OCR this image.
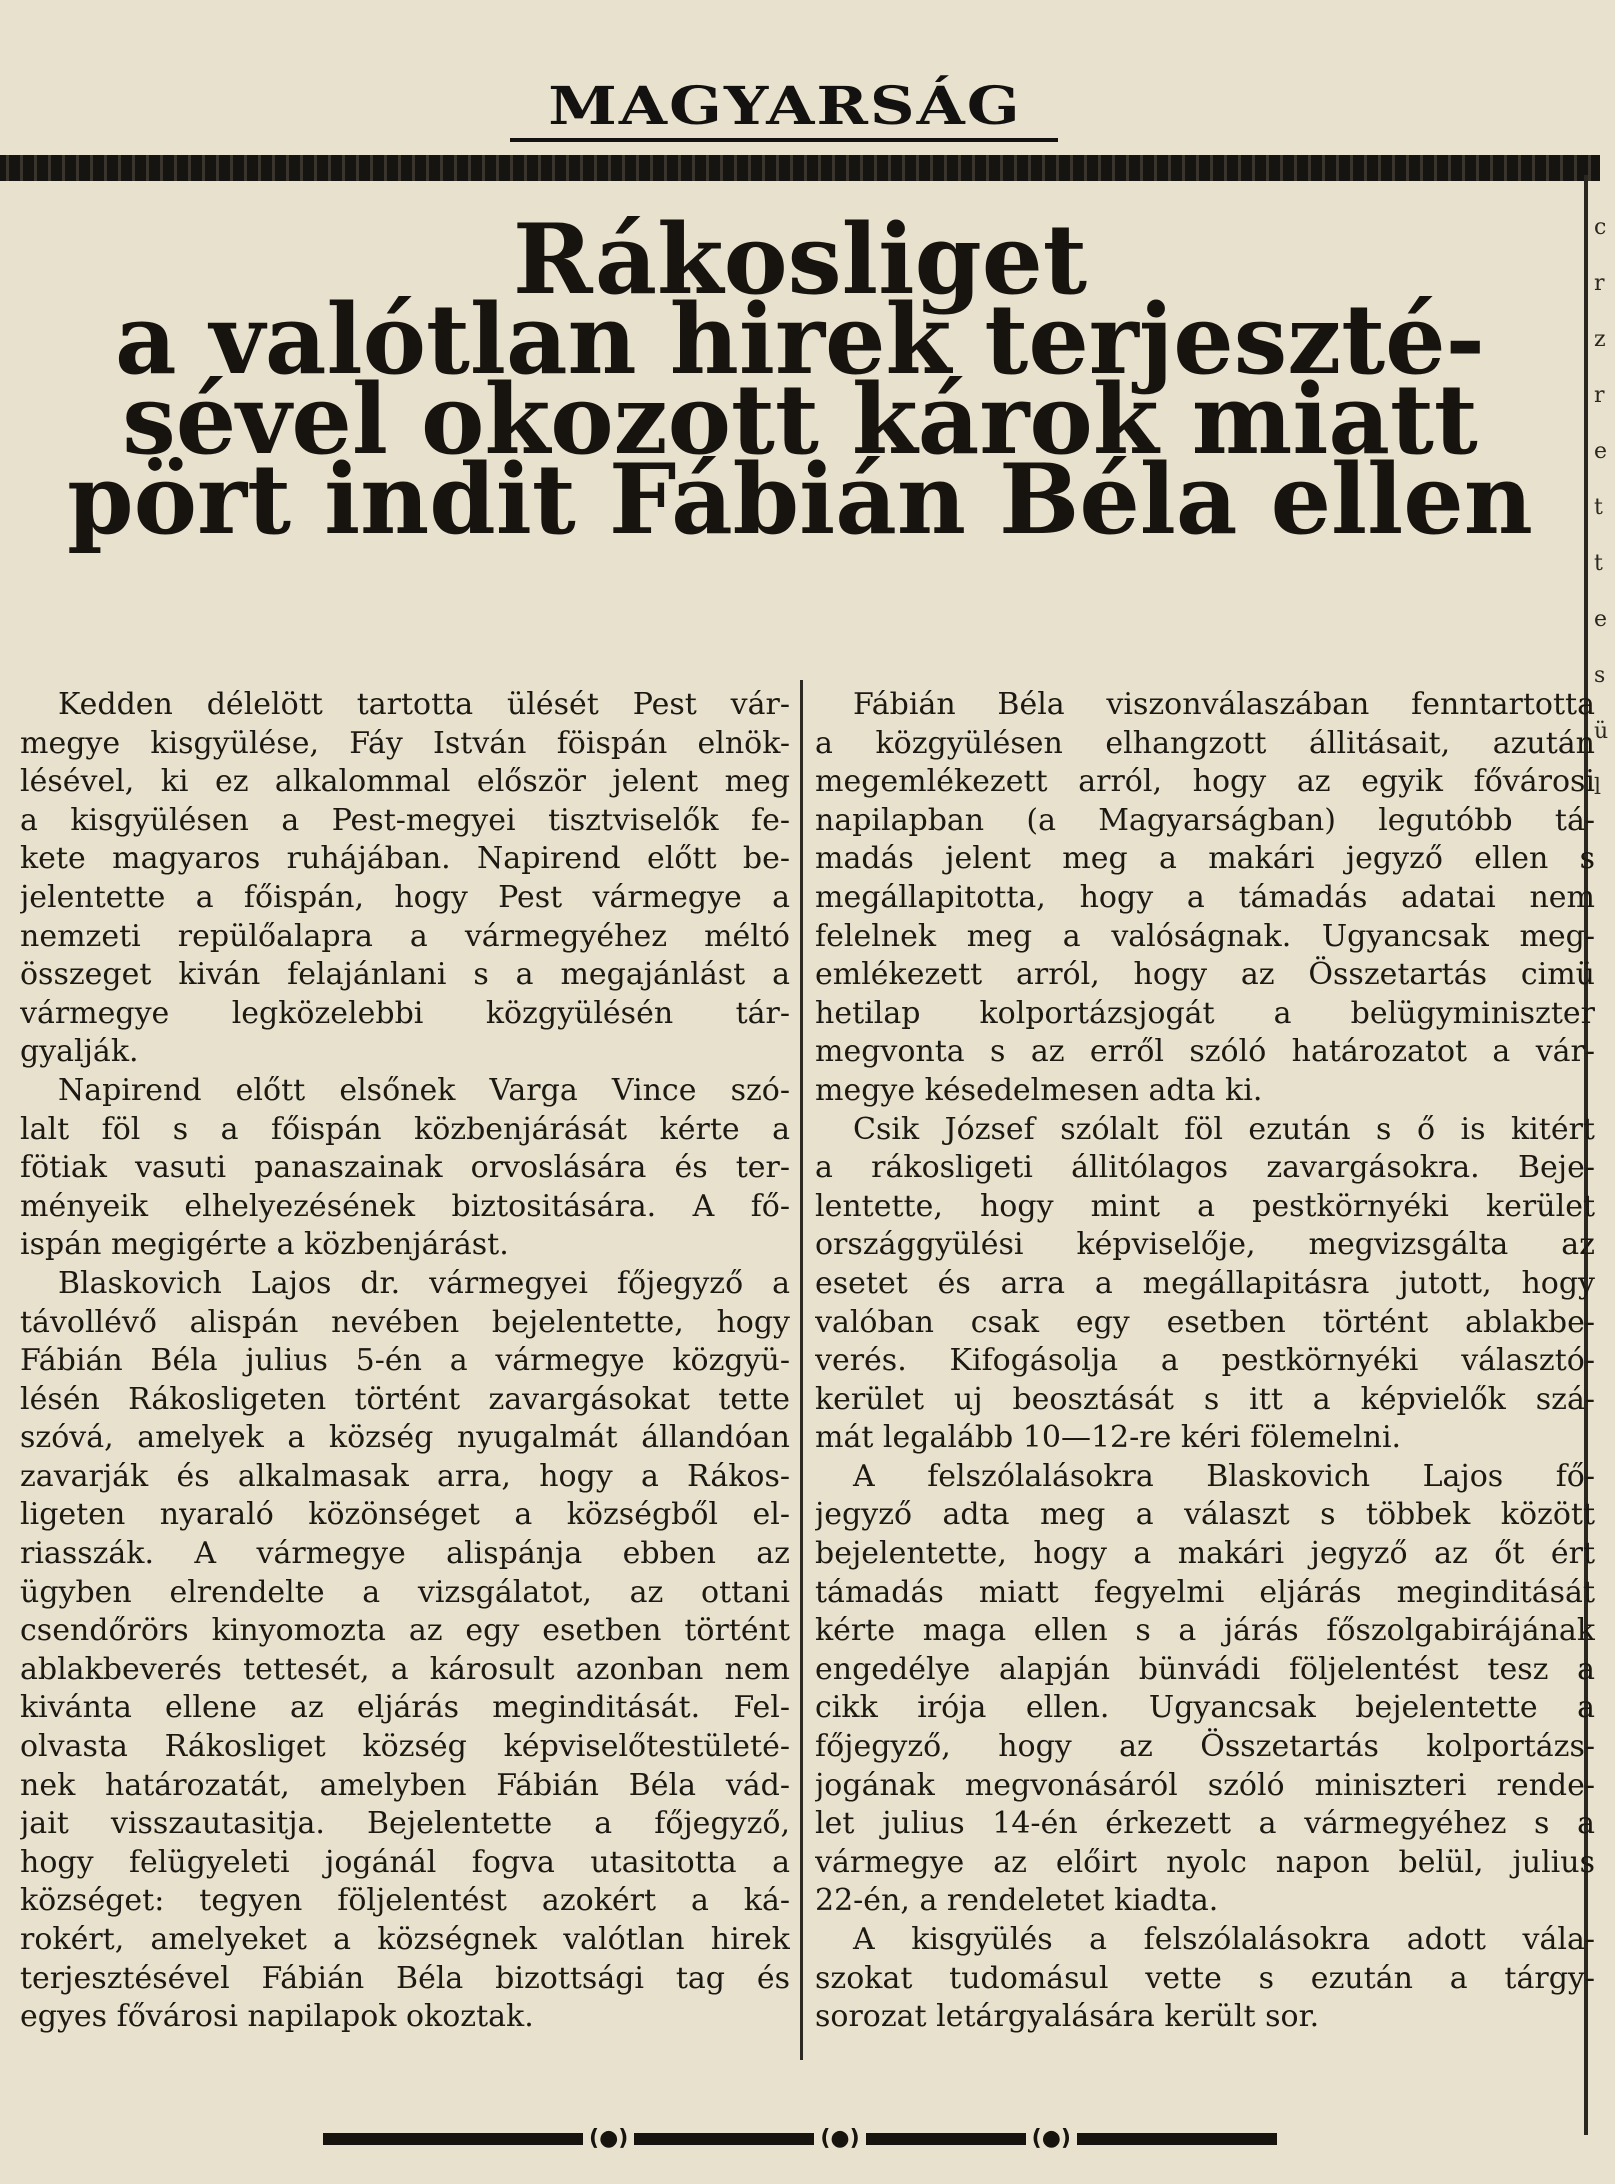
MAGYARSÁG
c
r
z
r
e
t
t
e
s
ü
l
Rákosliget
a valótlan hirek terjeszté-
sével okozott károk miatt
pört indit Fábián Béla ellen
Kedden délelött tartotta ülését Pest vár-
megye kisgyülése, Fáy István föispán elnök-
lésével, ki ez alkalommal először jelent meg
a kisgyülésen a Pest-megyei tisztviselők fe-
kete magyaros ruhájában. Napirend előtt be-
jelentette a főispán, hogy Pest vármegye a
nemzeti repülőalapra a vármegyéhez méltó
összeget kiván felajánlani s a megajánlást a
vármegye legközelebbi közgyülésén tár-
gyalják.
Napirend előtt elsőnek Varga Vince szó-
lalt föl s a főispán közbenjárását kérte a
fötiak vasuti panaszainak orvoslására és ter-
ményeik elhelyezésének biztositására. A fő-
ispán megigérte a közbenjárást.
Blaskovich Lajos dr. vármegyei főjegyző a
távollévő alispán nevében bejelentette, hogy
Fábián Béla julius 5-én a vármegye közgyü-
lésén Rákosligeten történt zavargásokat tette
szóvá, amelyek a község nyugalmát állandóan
zavarják és alkalmasak arra, hogy a Rákos-
ligeten nyaraló közönséget a községből el-
riasszák. A vármegye alispánja ebben az
ügyben elrendelte a vizsgálatot, az ottani
csendőrörs kinyomozta az egy esetben történt
ablakbeverés tettesét, a károsult azonban nem
kivánta ellene az eljárás meginditását. Fel-
olvasta Rákosliget község képviselőtestületé-
nek határozatát, amelyben Fábián Béla vád-
jait visszautasitja. Bejelentette a főjegyző,
hogy felügyeleti jogánál fogva utasitotta a
községet: tegyen följelentést azokért a ká-
rokért, amelyeket a községnek valótlan hirek
terjesztésével Fábián Béla bizottsági tag és
egyes fővárosi napilapok okoztak.
Fábián Béla viszonválaszában fenntartotta
a közgyülésen elhangzott állitásait, azután
megemlékezett arról, hogy az egyik fővárosi
napilapban (a Magyarságban) legutóbb tá-
madás jelent meg a makári jegyző ellen s
megállapitotta, hogy a támadás adatai nem
felelnek meg a valóságnak. Ugyancsak meg-
emlékezett arról, hogy az Összetartás cimü
hetilap kolportázsjogát a belügyminiszter
megvonta s az erről szóló határozatot a vár-
megye késedelmesen adta ki.
Csik József szólalt föl ezután s ő is kitért
a rákosligeti állitólagos zavargásokra. Beje-
lentette, hogy mint a pestkörnyéki kerület
országgyülési képviselője, megvizsgálta az
esetet és arra a megállapitásra jutott, hogy
valóban csak egy esetben történt ablakbe-
verés. Kifogásolja a pestkörnyéki választó-
kerület uj beosztását s itt a képvielők szá-
mát legalább 10—12-re kéri fölemelni.
A felszólalásokra Blaskovich Lajos fő-
jegyző adta meg a választ s többek között
bejelentette, hogy a makári jegyző az őt ért
támadás miatt fegyelmi eljárás meginditását
kérte maga ellen s a járás főszolgabirájának
engedélye alapján bünvádi följelentést tesz a
cikk irója ellen. Ugyancsak bejelentette a
főjegyző, hogy az Összetartás kolportázs-
jogának megvonásáról szóló miniszteri rende-
let julius 14-én érkezett a vármegyéhez s a
vármegye az előirt nyolc napon belül, julius
22-én, a rendeletet kiadta.
A kisgyülés a felszólalásokra adott vála-
szokat tudomásul vette s ezután a tárgy-
sorozat letárgyalására került sor.
(●)	(●)	(●)
